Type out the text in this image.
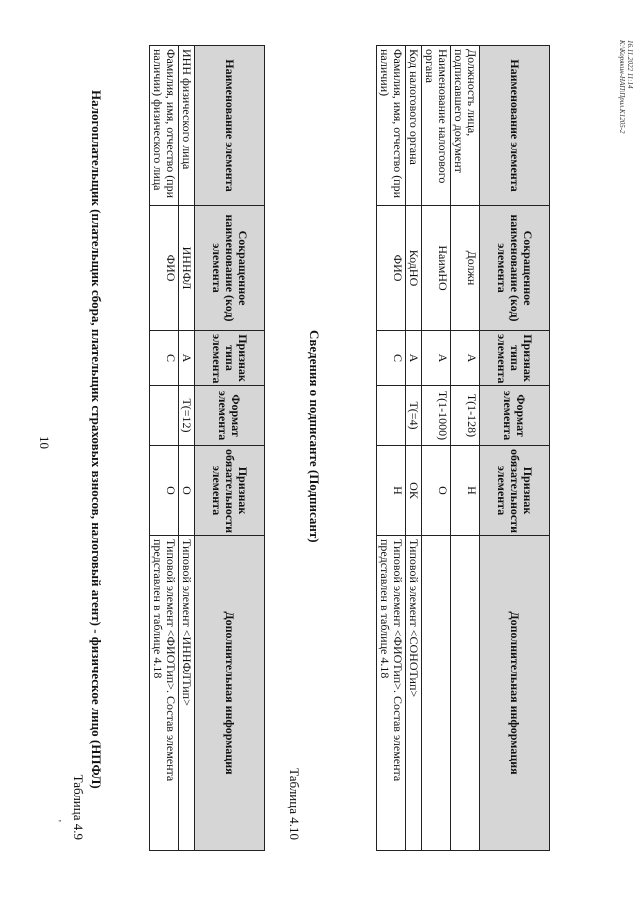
16.11.2022 11:14
К:\Корякин-НАП\Прил.К1205-2
10
Таблица 4.9
Налогоплательщик (плательщик сбора, плательщик страховых взносов, налоговый агент) - физическое лицо (НПФЛ)	Наименование элемента	Сокращенное наименование (код) элемента	Признак типа элемента	Формат элемента	Признак обязательности элемента	Дополнительная информация
ИНН физического лица	ИННФЛ	А	T(=12)	О	Типовой элемент <ИННФЛТип>
Фамилия, имя, отчество (при наличии) физического лица	ФИО	С		О	Типовой элемент <ФИОТип>. Состав элемента представлен в таблице 4.18
Таблица 4.10
Сведения о подписанте (Подписант)
Наименование элемента	Сокращенное наименование (код) элемента	Признак типа элемента	Формат элемента	Признак обязательности элемента	Дополнительная информация
Должность лица, подписавшего документ	Должн	А	T(1-128)	Н	
Наименование налогового органа	НаимНО	А	T(1-1000)	О	
Код налогового органа	КодНО	А	T(=4)	ОК	Типовой элемент <СОНОТип>
Фамилия, имя, отчество (при наличии)	ФИО	С		Н	Типовой элемент <ФИОТип>. Состав элемента представлен в таблице 4.18
'
